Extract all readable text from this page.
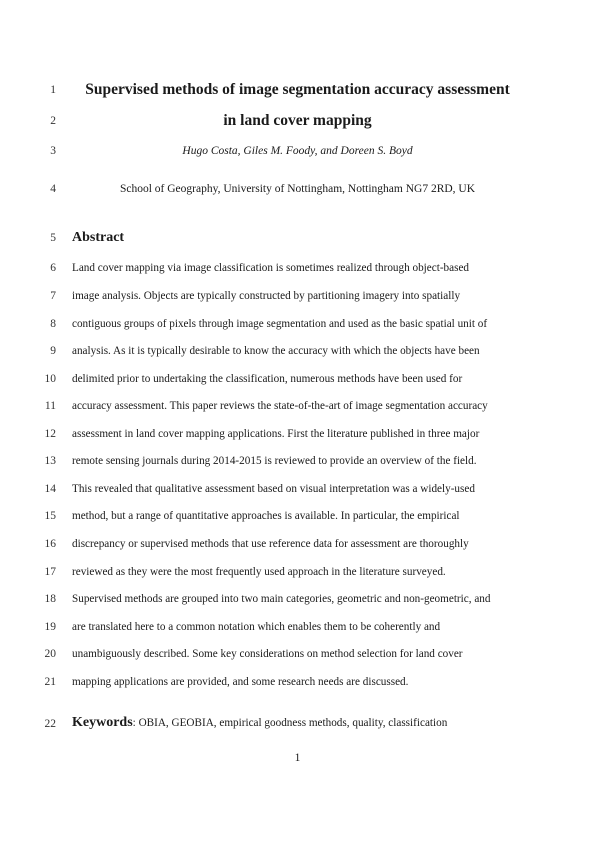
1
2
3
4
5
6
7
8
9
10
11
12
13
14
15
16
17
18
19
20
21
22
Supervised methods of image segmentation accuracy assessment
in land cover mapping
Hugo Costa, Giles M. Foody, and Doreen S. Boyd
School of Geography, University of Nottingham, Nottingham NG7 2RD, UK
Abstract
Land cover mapping via image classification is sometimes realized through object-based
image analysis. Objects are typically constructed by partitioning imagery into spatially
contiguous groups of pixels through image segmentation and used as the basic spatial unit of
analysis. As it is typically desirable to know the accuracy with which the objects have been
delimited prior to undertaking the classification, numerous methods have been used for
accuracy assessment. This paper reviews the state-of-the-art of image segmentation accuracy
assessment in land cover mapping applications. First the literature published in three major
remote sensing journals during 2014-2015 is reviewed to provide an overview of the field.
This revealed that qualitative assessment based on visual interpretation was a widely-used
method, but a range of quantitative approaches is available. In particular, the empirical
discrepancy or supervised methods that use reference data for assessment are thoroughly
reviewed as they were the most frequently used approach in the literature surveyed.
Supervised methods are grouped into two main categories, geometric and non-geometric, and
are translated here to a common notation which enables them to be coherently and
unambiguously described. Some key considerations on method selection for land cover
mapping applications are provided, and some research needs are discussed.
Keywords: OBIA, GEOBIA, empirical goodness methods, quality, classification
1
